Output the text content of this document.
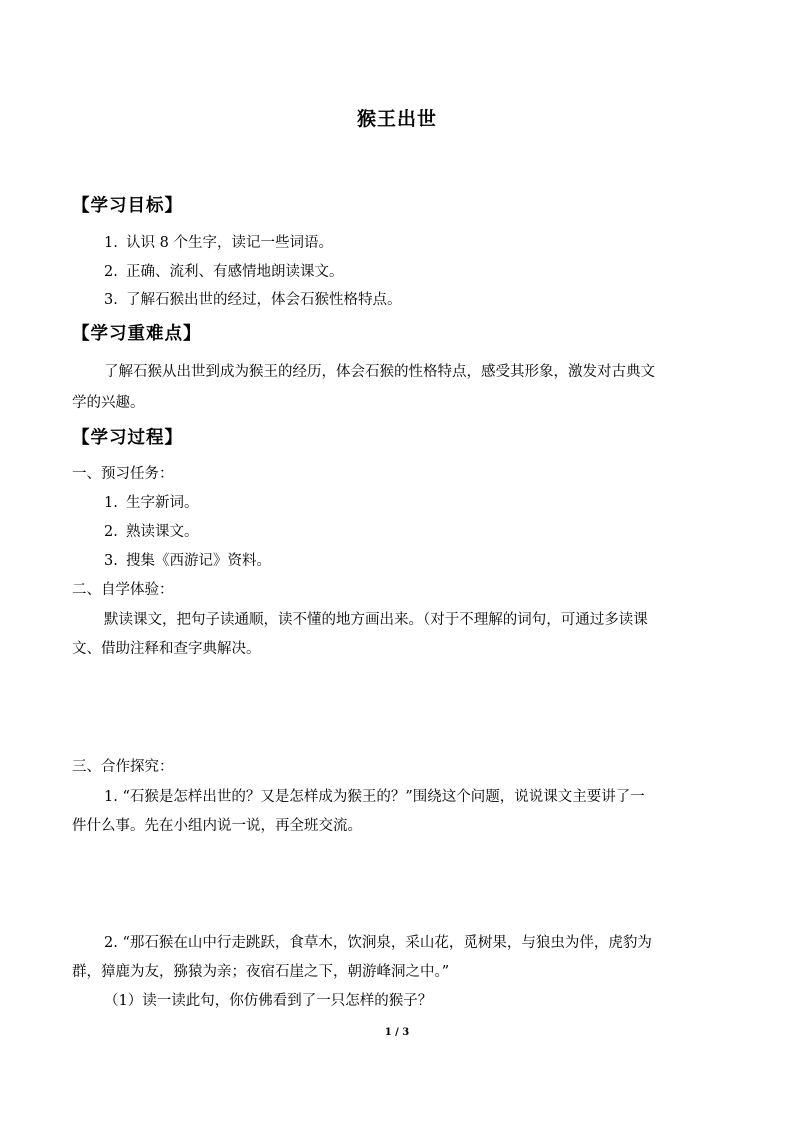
猴王出世
【学习目标】
1. 认识 8 个生字，读记一些词语。
2. 正确、流利、有感情地朗读课文。
3. 了解石猴出世的经过，体会石猴性格特点。
【学习重难点】
了解石猴从出世到成为猴王的经历，体会石猴的性格特点，感受其形象，激发对古典文
学的兴趣。
【学习过程】
一、预习任务：
1. 生字新词。
2. 熟读课文。
3. 搜集《西游记》资料。
二、自学体验：
默读课文，把句子读通顺，读不懂的地方画出来。（对于不理解的词句，可通过多读课
文、借助注释和查字典解决。
三、合作探究：
1. “石猴是怎样出世的？又是怎样成为猴王的？”围绕这个问题，说说课文主要讲了一
件什么事。先在小组内说一说，再全班交流。
2. “那石猴在山中行走跳跃，食草木，饮涧泉，采山花，觅树果，与狼虫为伴，虎豹为
群，獐鹿为友，猕猿为亲；夜宿石崖之下，朝游峰洞之中。”
（1）读一读此句，你仿佛看到了一只怎样的猴子？
1 / 3
